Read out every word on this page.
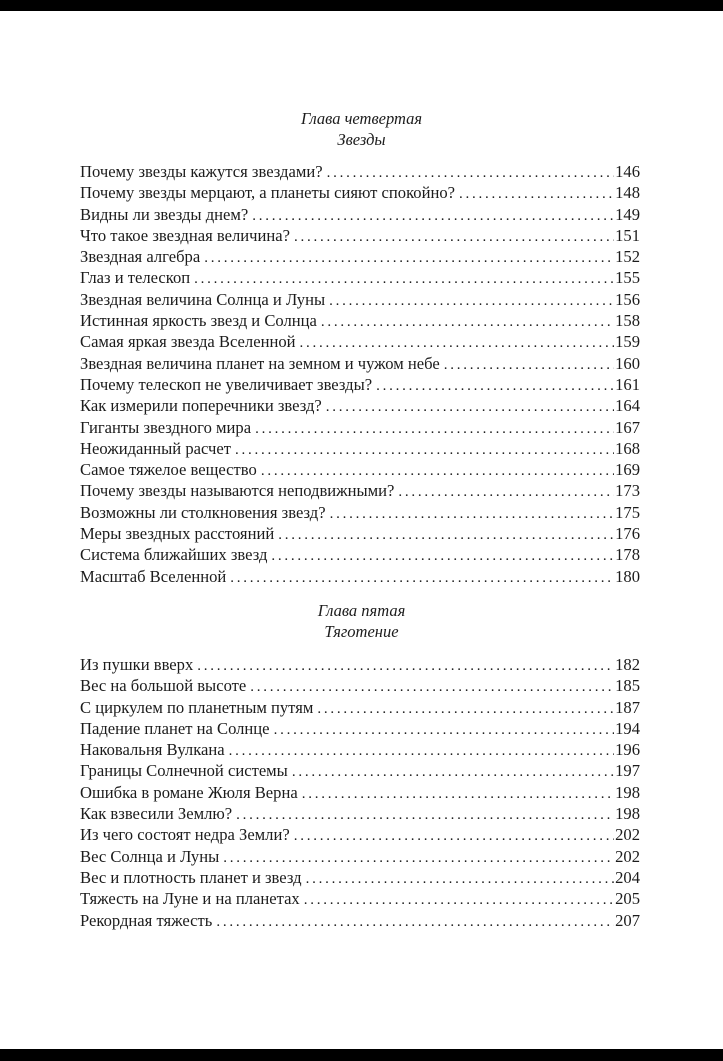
Глава четвертая
Звезды
Почему звезды кажутся звездами? . . .	146
Почему звезды мерцают, а планеты сияют спокойно? . . .	148
Видны ли звезды днем? . . .	149
Что такое звездная величина? . . .	151
Звездная алгебра . . .	152
Глаз и телескоп . . .	155
Звездная величина Солнца и Луны . . .	156
Истинная яркость звезд и Солнца . . .	158
Самая яркая звезда Вселенной . . .	159
Звездная величина планет на земном и чужом небе . . .	160
Почему телескоп не увеличивает звезды? . . .	161
Как измерили поперечники звезд? . . .	164
Гиганты звездного мира . . .	167
Неожиданный расчет . . .	168
Самое тяжелое вещество . . .	169
Почему звезды называются неподвижными? . . .	173
Возможны ли столкновения звезд? . . .	175
Меры звездных расстояний . . .	176
Система ближайших звезд . . .	178
Масштаб Вселенной . . .	180
Глава пятая
Тяготение
Из пушки вверх . . .	182
Вес на большой высоте . . .	185
С циркулем по планетным путям . . .	187
Падение планет на Солнце . . .	194
Наковальня Вулкана . . .	196
Границы Солнечной системы . . .	197
Ошибка в романе Жюля Верна . . .	198
Как взвесили Землю? . . .	198
Из чего состоят недра Земли? . . .	202
Вес Солнца и Луны . . .	202
Вес и плотность планет и звезд . . .	204
Тяжесть на Луне и на планетах . . .	205
Рекордная тяжесть . . .	207
